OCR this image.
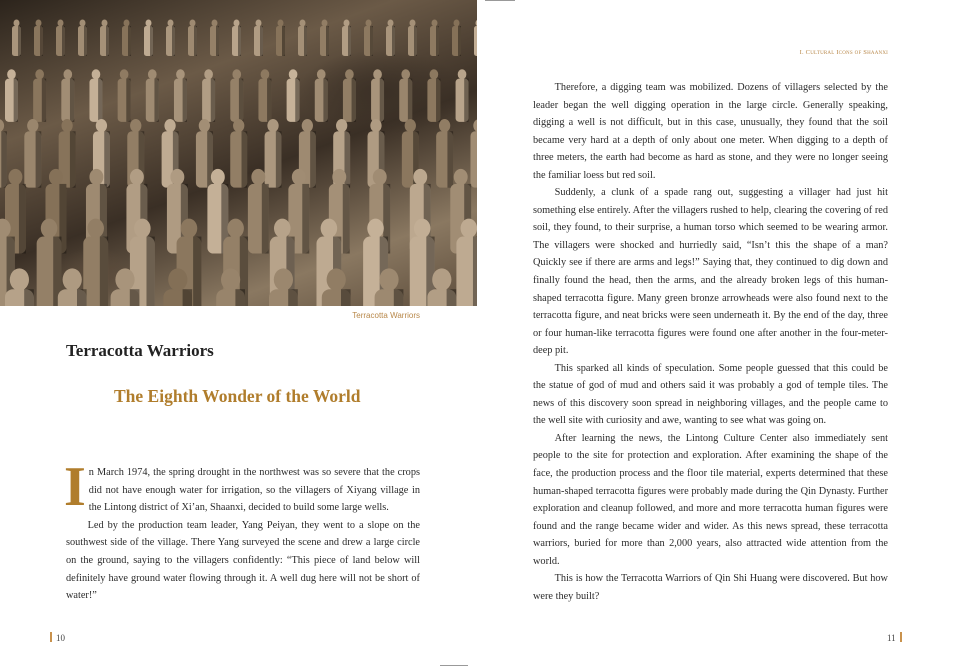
Terracotta Warriors
Terracotta Warriors
The Eighth Wonder of the World

In March 1974, the spring drought in the northwest was so severe that the crops did not have enough water for irrigation, so the villagers of Xiyang village in the Lintong district of Xi’an, Shaanxi, decided to build some large wells.

Led by the production team leader, Yang Peiyan, they went to a slope on the southwest side of the village. There Yang surveyed the scene and drew a large circle on the ground, saying to the villagers confidently: “This piece of land below will definitely have ground water flowing through it. A well dug here will not be short of water!”

10
I. Cultural Icons of Shaanxi

Therefore, a digging team was mobilized. Dozens of villagers selected by the leader began the well digging operation in the large circle. Generally speaking, digging a well is not difficult, but in this case, unusually, they found that the soil became very hard at a depth of only about one meter. When digging to a depth of three meters, the earth had become as hard as stone, and they were no longer seeing the familiar loess but red soil.

Suddenly, a clunk of a spade rang out, suggesting a villager had just hit something else entirely. After the villagers rushed to help, clearing the covering of red soil, they found, to their surprise, a human torso which seemed to be wearing armor. The villagers were shocked and hurriedly said, “Isn’t this the shape of a man? Quickly see if there are arms and legs!” Saying that, they continued to dig down and finally found the head, then the arms, and the already broken legs of this human-shaped terracotta figure. Many green bronze arrowheads were also found next to the terracotta figure, and neat bricks were seen underneath it. By the end of the day, three or four human-like terracotta figures were found one after another in the four-meter-deep pit.

This sparked all kinds of speculation. Some people guessed that this could be the statue of god of mud and others said it was probably a god of temple tiles. The news of this discovery soon spread in neighboring villages, and the people came to the well site with curiosity and awe, wanting to see what was going on.

After learning the news, the Lintong Culture Center also immediately sent people to the site for protection and exploration. After examining the shape of the face, the production process and the floor tile material, experts determined that these human-shaped terracotta figures were probably made during the Qin Dynasty. Further exploration and cleanup followed, and more and more terracotta human figures were found and the range became wider and wider. As this news spread, these terracotta warriors, buried for more than 2,000 years, also attracted wide attention from the world.

This is how the Terracotta Warriors of Qin Shi Huang were discovered. But how were they built?

11
